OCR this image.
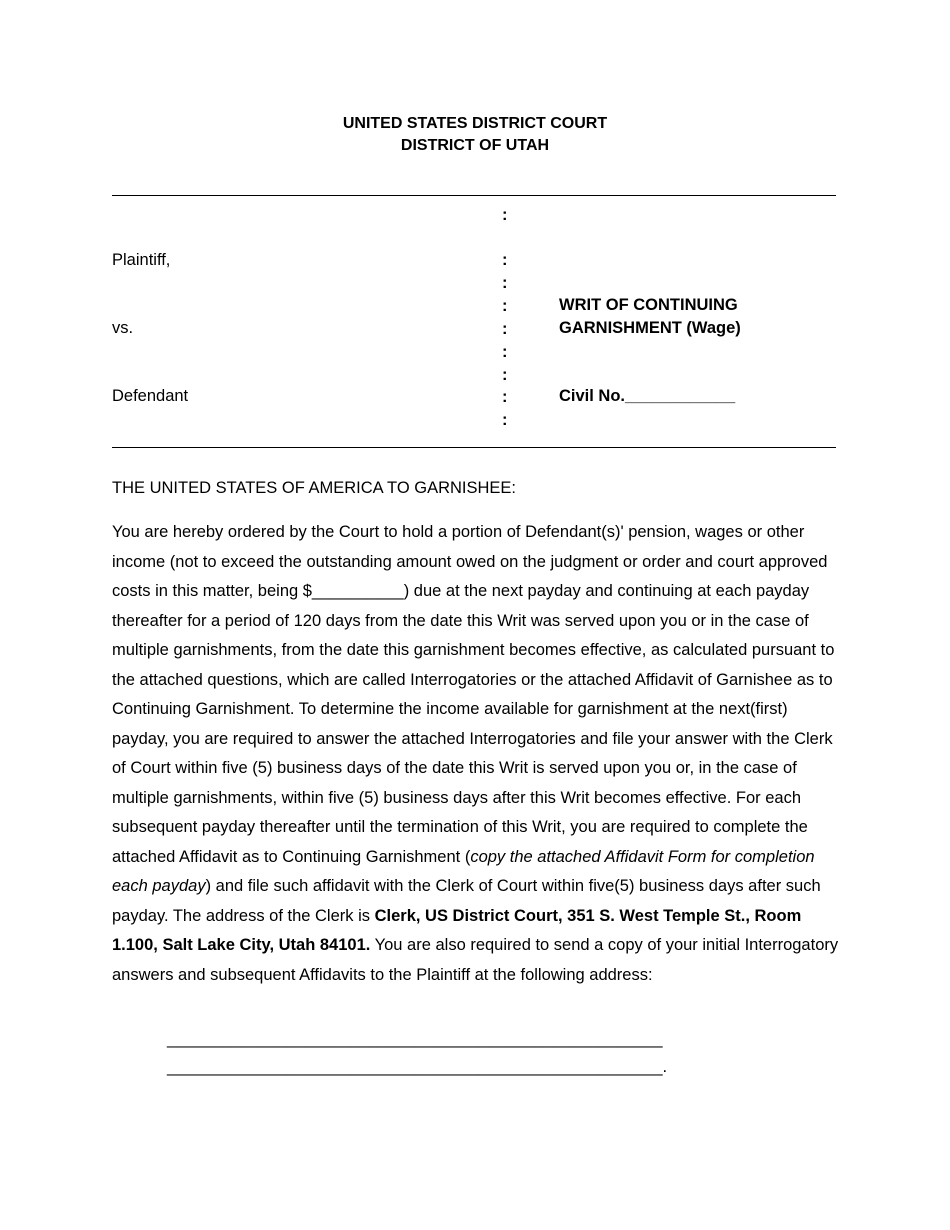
UNITED STATES DISTRICT COURT
DISTRICT OF UTAH
:
:
:
:
:
:
:
:
:
Plaintiff,
vs.
Defendant
WRIT OF CONTINUING
GARNISHMENT (Wage)
Civil No.____________
THE UNITED STATES OF AMERICA TO GARNISHEE:
You are hereby ordered by the Court to hold a portion of Defendant(s)' pension, wages or other income (not to exceed the outstanding amount owed on the judgment or order and court approved costs in this matter, being $__________) due at the next payday and continuing at each payday thereafter for a period of 120 days from the date this Writ was served upon you or in the case of multiple garnishments, from the date this garnishment becomes effective, as calculated pursuant to the attached questions, which are called Interrogatories or the attached Affidavit of Garnishee as to Continuing Garnishment. To determine the income available for garnishment at the next(first) payday, you are required to answer the attached Interrogatories and file your answer with the Clerk of Court within five (5) business days of the date this Writ is served upon you or, in the case of multiple garnishments, within five (5) business days after this Writ becomes effective. For each subsequent payday thereafter until the termination of this Writ, you are required to complete the attached Affidavit as to Continuing Garnishment (copy the attached Affidavit Form for completion each payday) and file such affidavit with the Clerk of Court within five(5) business days after such payday. The address of the Clerk is Clerk, US District Court, 351 S. West Temple St., Room 1.100, Salt Lake City, Utah 84101. You are also required to send a copy of your initial Interrogatory answers and subsequent Affidavits to the Plaintiff at the following address:
______________________________________________________
______________________________________________________.
